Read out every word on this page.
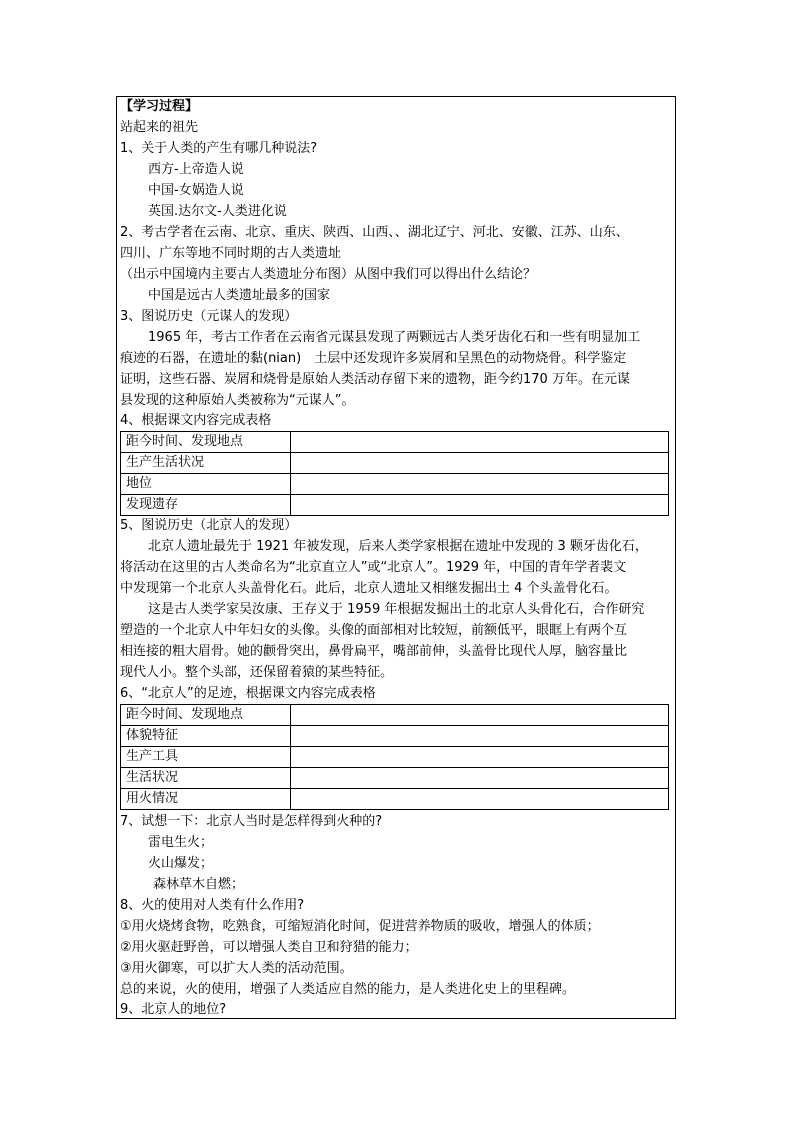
【学习过程】
站起来的祖先
1、关于人类的产生有哪几种说法?
西方-上帝造人说
中国-女娲造人说
英国.达尔文-人类进化说
2、考古学者在云南、北京、重庆、陕西、山西、、湖北辽宁、河北、安徽、江苏、山东、
四川、广东等地不同时期的古人类遗址
（出示中国境内主要古人类遗址分布图）从图中我们可以得出什么结论？
中国是远古人类遗址最多的国家
3、图说历史（元谋人的发现）
1965 年，考古工作者在云南省元谋县发现了两颗远古人类牙齿化石和一些有明显加工
痕迹的石器，在遗址的黏(nian)　土层中还发现许多炭屑和呈黑色的动物烧骨。科学鉴定
证明，这些石器、炭屑和烧骨是原始人类活动存留下来的遗物，距今约170 万年。在元谋
县发现的这种原始人类被称为“元谋人”。
4、根据课文内容完成表格
距今时间、发现地点	
生产生活状况	
地位	
发现遗存	
5、图说历史（北京人的发现）
北京人遗址最先于 1921 年被发现，后来人类学家根据在遗址中发现的 3 颗牙齿化石，
将活动在这里的古人类命名为“北京直立人”或“北京人”。1929 年，中国的青年学者裴文
中发现第一个北京人头盖骨化石。此后，北京人遗址又相继发掘出土 4 个头盖骨化石。
这是古人类学家吴汝康、王存义于 1959 年根据发掘出土的北京人头骨化石，合作研究
塑造的一个北京人中年妇女的头像。头像的面部相对比较短，前额低平，眼眶上有两个互
相连接的粗大眉骨。她的颧骨突出，鼻骨扁平，嘴部前伸，头盖骨比现代人厚，脑容量比
现代人小。整个头部，还保留着猿的某些特征。
6、“北京人”的足迹，根据课文内容完成表格
距今时间、发现地点	
体貌特征	
生产工具	
生活状况	
用火情况	
7、试想一下：北京人当时是怎样得到火种的?
雷电生火；
火山爆发；
森林草木自燃；
8、火的使用对人类有什么作用?
①用火烧烤食物，吃熟食，可缩短消化时间，促进营养物质的吸收，增强人的体质；
②用火驱赶野兽，可以增强人类自卫和狩猎的能力；
③用火御寒，可以扩大人类的活动范围。
总的来说，火的使用，增强了人类适应自然的能力，是人类进化史上的里程碑。
9、北京人的地位?
